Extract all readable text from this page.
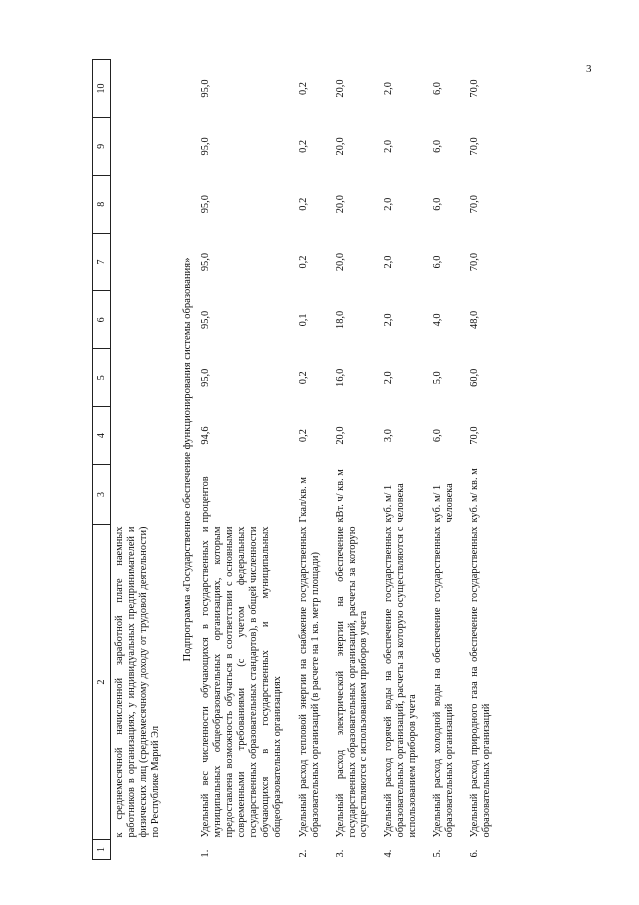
3
1	2	3	4	5	6	7	8	9	10
	к среднемесячной начисленной заработной плате наемных работников в организациях, у индивидуальных предпринимателей и физических лиц (среднемесячному доходу от трудовой деятельности) по Республике Марий Эл								
Подпрограмма «Государственное обеспечение функционирования системы образования»									
1.	Удельный вес численности обучающихся в государственных и муниципальных общеобразовательных организациях, которым предоставлена возможность обучаться в соответствии с основными современными требованиями (с учетом федеральных государственных образовательных стандартов), в общей численности обучающихся в государственных и муниципальных общеобразовательных организациях	процентов	94,6	95,0	95,0	95,0	95,0	95,0	95,0
2.	Удельный расход тепловой энергии на снабжение государственных образовательных организаций (в расчете на 1 кв. метр площади)	Гкал/кв. м	0,2	0,2	0,1	0,2	0,2	0,2	0,2
3.	Удельный расход электрической энергии на обеспечение государственных образовательных организаций, расчеты за которую осуществляются с использованием приборов учета	кВт. ч/ кв. м	20,0	16,0	18,0	20,0	20,0	20,0	20,0
4.	Удельный расход горячей воды на обеспечение государственных образовательных организаций, расчеты за которую осуществляются с использованием приборов учета	куб. м/ 1 человека	3,0	2,0	2,0	2,0	2,0	2,0	2,0
5.	Удельный расход холодной воды на обеспечение государственных образовательных организаций	куб. м/ 1 человека	6,0	5,0	4,0	6,0	6,0	6,0	6,0
6.	Удельный расход природного газа на обеспечение государственных образовательных организаций	куб. м/ кв. м	70,0	60,0	48,0	70,0	70,0	70,0	70,0
